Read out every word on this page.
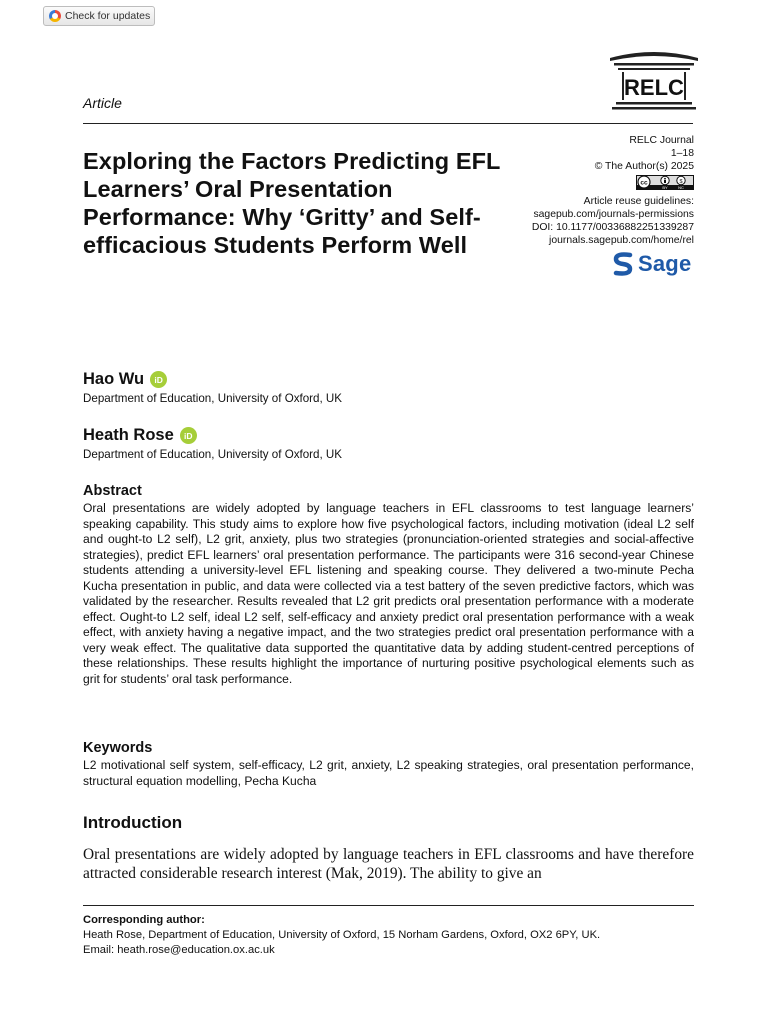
Check for updates
RELC
Article
Exploring the Factors Predicting EFL Learners’ Oral Presentation Performance: Why ‘Gritty’ and Self-efficacious Students Perform Well
RELC Journal
1–18
© The Author(s) 2025
cc	$
BY	NC
Article reuse guidelines:
sagepub.com/journals-permissions
DOI: 10.1177/00336882251339287
journals.sagepub.com/home/rel
Sage
Hao Wu	iD
Department of Education, University of Oxford, UK
Heath Rose	iD
Department of Education, University of Oxford, UK
Abstract

Oral presentations are widely adopted by language teachers in EFL classrooms to test language learners’ speaking capability. This study aims to explore how five psychological factors, including motivation (ideal L2 self and ought-to L2 self), L2 grit, anxiety, plus two strategies (pronunciation-oriented strategies and social-affective strategies), predict EFL learners’ oral presentation performance. The participants were 316 second-year Chinese students attending a university-level EFL listening and speaking course. They delivered a two-minute Pecha Kucha presentation in public, and data were collected via a test battery of the seven predictive factors, which was validated by the researcher. Results revealed that L2 grit predicts oral presentation performance with a moderate effect. Ought-to L2 self, ideal L2 self, self-efficacy and anxiety predict oral presentation performance with a weak effect, with anxiety having a negative impact, and the two strategies predict oral presentation performance with a very weak effect. The qualitative data supported the quantitative data by adding student-centred perceptions of these relationships. These results highlight the importance of nurturing positive psychological elements such as grit for students’ oral task performance.

Keywords

L2 motivational self system, self-efficacy, L2 grit, anxiety, L2 speaking strategies, oral presentation performance, structural equation modelling, Pecha Kucha

Introduction

Oral presentations are widely adopted by language teachers in EFL classrooms and have therefore attracted considerable research interest (Mak, 2019). The ability to give an

Corresponding author:
Heath Rose, Department of Education, University of Oxford, 15 Norham Gardens, Oxford, OX2 6PY, UK.
Email: heath.rose@education.ox.ac.uk
